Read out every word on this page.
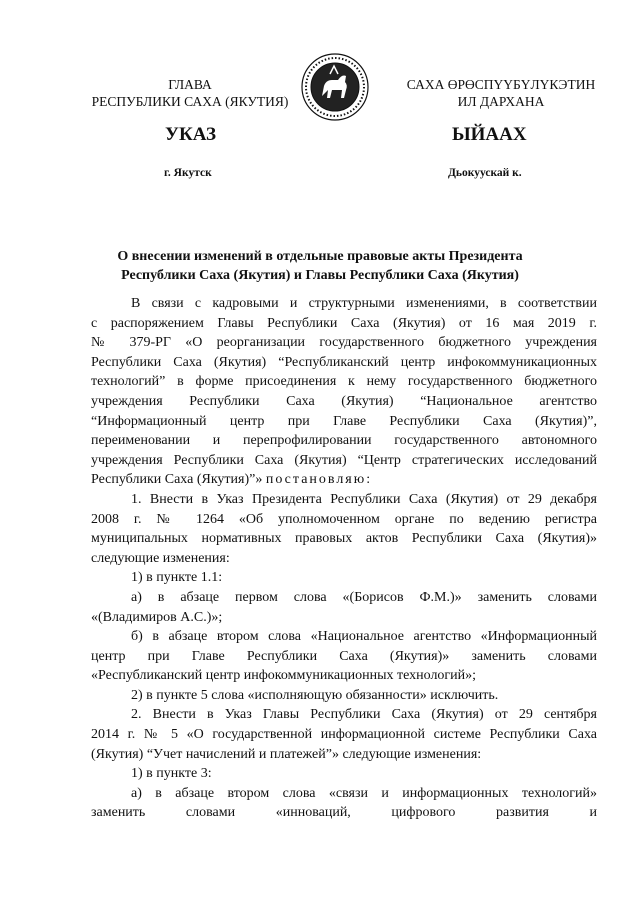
ГЛАВА
РЕСПУБЛИКИ САХА (ЯКУТИЯ)
САХА ӨРӨСПҮҮБҮЛҮКЭТИН
ИЛ ДАРХАНА
УКАЗ	ЫЙААХ
г. Якутск	Дьокуускай к.
О внесении изменений в отдельные правовые акты Президента
Республики Саха (Якутия) и Главы Республики Саха (Якутия)

В связи с кадровыми и структурными изменениями, в соответствии

с распоряжением Главы Республики Саха (Якутия) от 16 мая 2019 г.

№ 379-РГ «О реорганизации государственного бюджетного учреждения

Республики Саха (Якутия) “Республиканский центр инфокоммуникационных

технологий” в форме присоединения к нему государственного бюджетного

учреждения Республики Саха (Якутия) “Национальное агентство

“Информационный центр при Главе Республики Саха (Якутия)”,

переименовании и перепрофилировании государственного автономного

учреждения Республики Саха (Якутия) “Центр стратегических исследований

Республики Саха (Якутия)”» постановляю:

1. Внести в Указ Президента Республики Саха (Якутия) от 29 декабря

2008 г. № 1264 «Об уполномоченном органе по ведению регистра

муниципальных нормативных правовых актов Республики Саха (Якутия)»

следующие изменения:

1) в пункте 1.1:

а) в абзаце первом слова «(Борисов Ф.М.)» заменить словами

«(Владимиров А.С.)»;

б) в абзаце втором слова «Национальное агентство «Информационный

центр при Главе Республики Саха (Якутия)» заменить словами

«Республиканский центр инфокоммуникационных технологий»;

2) в пункте 5 слова «исполняющую обязанности» исключить.

2. Внести в Указ Главы Республики Саха (Якутия) от 29 сентября

2014 г. № 5 «О государственной информационной системе Республики Саха

(Якутия) “Учет начислений и платежей”» следующие изменения:

1) в пункте 3:

а) в абзаце втором слова «связи и информационных технологий»

заменить словами «инноваций, цифрового развития и
